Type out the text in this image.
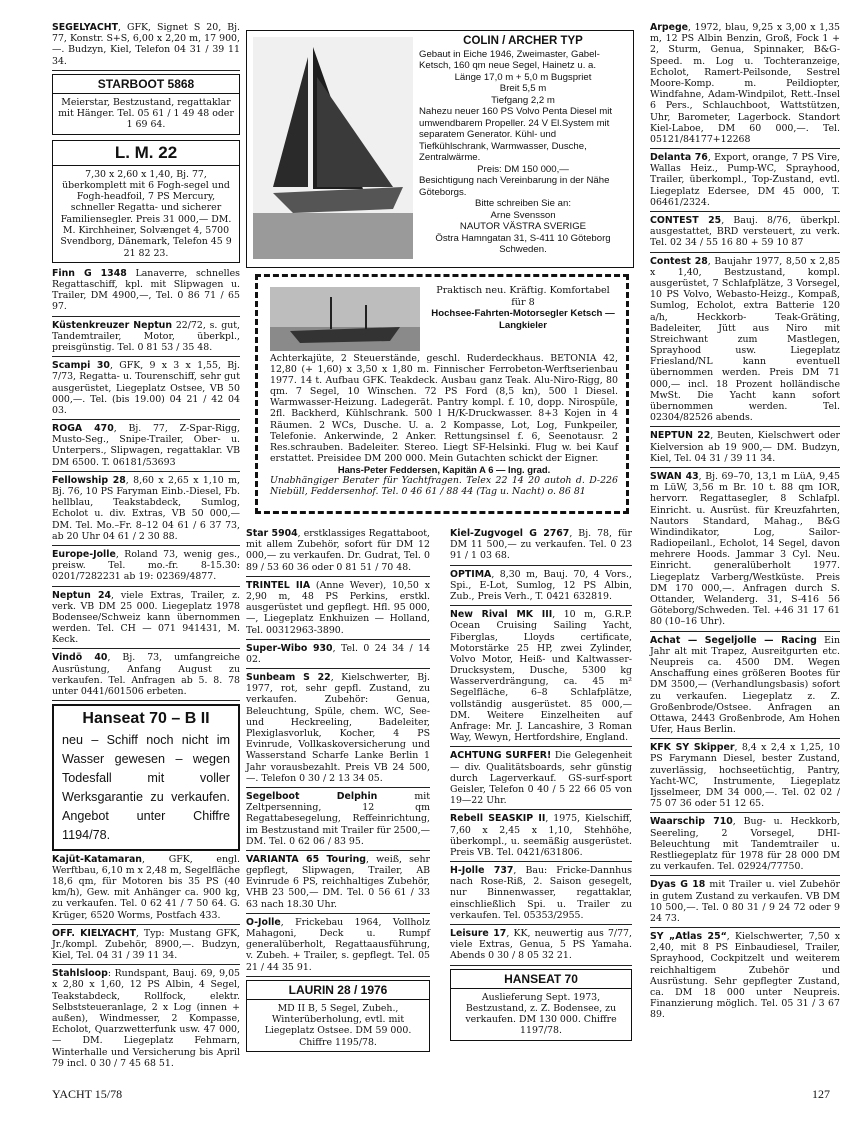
SEGELYACHT, GFK, Signet S 20, Bj. 77, Konstr. S+S, 6,00 x 2,20 m, 17 900,—. Budzyn, Kiel, Telefon 04 31 / 39 11 34.
STARBOOT 5868
Meierstar, Bestzustand, regattaklar mit Hänger. Tel. 05 61 / 1 49 48 oder 1 69 64.
L. M. 22
7,30 x 2,60 x 1,40, Bj. 77, überkomplett mit 6 Fogh-segel und Fogh-headfoil, 7 PS Mercury, schneller Regatta- und sicherer Familiensegler. Preis 31 000,— DM. M. Kirchheiner, Solvænget 4, 5700 Svendborg, Dänemark, Telefon 45 9 21 82 23.
Finn G 1348 Lanaverre, schnelles Regattaschiff, kpl. mit Slipwagen u. Trailer, DM 4900,—, Tel. 0 86 71 / 65 97.
Küstenkreuzer Neptun 22/72, s. gut, Tandemtrailer, Motor, überkpl., preisgünstig. Tel. 0 81 53 / 35 48.
Scampi 30, GFK, 9 x 3 x 1,55, Bj. 7/73, Regatta- u. Tourenschiff, sehr gut ausgerüstet, Liegeplatz Ostsee, VB 50 000,—. Tel. (bis 19.00) 04 21 / 42 04 03.
ROGA 470, Bj. 77, Z-Spar-Rigg, Musto-Seg., Snipe-Trailer, Ober- u. Unterpers., Slipwagen, regattaklar. VB DM 6500. T. 06181/53693
Fellowship 28, 8,60 x 2,65 x 1,10 m, Bj. 76, 10 PS Faryman Einb.-Diesel, Fb. hellblau, Teakstabdeck, Sumlog, Echolot u. div. Extras, VB 50 000,— DM. Tel. Mo.–Fr. 8–12 04 61 / 6 37 73, ab 20 Uhr 04 61 / 2 30 88.
Europe-Jolle, Roland 73, wenig ges., preisw. Tel. mo.-fr. 8-15.30: 0201/7282231 ab 19: 02369/4877.
Neptun 24, viele Extras, Trailer, z. verk. VB DM 25 000. Liegeplatz 1978 Bodensee/Schweiz kann übernommen werden. Tel. CH — 071 941431, M. Keck.
Vindö 40, Bj. 73, umfangreiche Ausrüstung, Anfang August zu verkaufen. Tel. Anfragen ab 5. 8. 78 unter 0441/601506 erbeten.
Hanseat 70 – B II
neu – Schiff noch nicht im Wasser gewesen – wegen Todesfall mit voller Werksgarantie zu verkaufen. Angebot unter Chiffre 1194/78.
Kajüt-Katamaran, GFK, engl. Werftbau, 6,10 m x 2,48 m, Segelfläche 18,6 qm, für Motoren bis 35 PS (40 km/h), Gew. mit Anhänger ca. 900 kg, zu verkaufen. Tel. 0 62 41 / 7 50 64. G. Krüger, 6520 Worms, Postfach 433.
OFF. KIELYACHT, Typ: Mustang GFK, Jr./kompl. Zubehör, 8900,—. Budzyn, Kiel, Tel. 04 31 / 39 11 34.
Stahlsloop: Rundspant, Bauj. 69, 9,05 x 2,80 x 1,60, 12 PS Albin, 4 Segel, Teakstabdeck, Rollfock, elektr. Selbststeueranlage, 2 x Log (innen + außen), Windmesser, 2 Kompasse, Echolot, Quarzwetterfunk usw. 47 000,— DM. Liegeplatz Fehmarn, Winterhalle und Versicherung bis April 79 incl. 0 30 / 7 45 68 51.
COLIN / ARCHER TYP
Gebaut in Eiche 1946, Zweimaster, Gabel-Ketsch, 160 qm neue Segel, Hainetz u. a.
Länge 17,0 m + 5,0 m Bugspriet
Breit 5,5 m
Tiefgang 2,2 m
Nahezu neuer 160 PS Volvo Penta Diesel mit umwendbarem Propeller. 24 V El.System mit separatem Generator. Kühl- und Tiefkühlschrank, Warmwasser, Dusche, Zentralwärme.
Preis: DM 150 000,—
Besichtigung nach Vereinbarung in der Nähe Göteborgs.
Bitte schreiben Sie an:
Arne Svensson
NAUTOR VÄSTRA SVERIGE
Östra Hamngatan 31, S-411 10 Göteborg Schweden.
Praktisch neu. Kräftig. Komfortabel für 8
Hochsee-Fahrten-Motorsegler Ketsch — Langkieler
Achterkajüte, 2 Steuerstände, geschl. Ruderdeckhaus. BETONIA 42, 12,80 (+ 1,60) x 3,50 x 1,80 m. Finnischer Ferrobeton-Werftserienbau 1977. 14 t. Aufbau GFK. Teakdeck. Ausbau ganz Teak. Alu-Niro-Rigg, 80 qm. 7 Segel, 10 Winschen. 72 PS Ford (8,5 kn), 500 l Diesel. Warmwasser-Heizung. Ladegerät. Pantry kompl. f. 10, dopp. Nirospüle, 2fl. Backherd, Kühlschrank. 500 l H/K-Druckwasser. 8+3 Kojen in 4 Räumen. 2 WCs, Dusche. U. a. 2 Kompasse, Lot, Log, Funkpeiler, Telefonie. Ankerwinde, 2 Anker. Rettungsinsel f. 6, Seenotausr. 2 Res.schrauben. Badeleiter. Stereo. Liegt SF-Helsinki. Flug w. bei Kauf erstattet. Preisidee DM 200 000. Mein Gutachten schickt der Eigner.
Hans-Peter Feddersen, Kapitän A 6 — Ing. grad.
Unabhängiger Berater für Yachtfragen. Telex 22 14 20 autoh d. D-226 Niebüll, Feddersenhof. Tel. 0 46 61 / 88 44 (Tag u. Nacht) o. 86 81
Star 5904, erstklassiges Regattaboot, mit allem Zubehör, sofort für DM 12 000,— zu verkaufen. Dr. Gudrat, Tel. 0 89 / 53 60 36 oder 0 81 51 / 70 48.
TRINTEL IIA (Anne Wever), 10,50 x 2,90 m, 48 PS Perkins, erstkl. ausgerüstet und gepflegt. Hfl. 95 000,—, Liegeplatz Enkhuizen — Holland, Tel. 00312963-3890.
Super-Wibo 930, Tel. 0 24 34 / 14 02.
Sunbeam S 22, Kielschwerter, Bj. 1977, rot, sehr gepfl. Zustand, zu verkaufen. Zubehör: Genua, Beleuchtung, Spüle, chem. WC, See- und Heckreeling, Badeleiter, Plexiglasvorluk, Kocher, 4 PS Evinrude, Vollkaskoversicherung und Wasserstand Scharfe Lanke Berlin 1 Jahr vorausbezahlt. Preis VB 24 500,—. Telefon 0 30 / 2 13 34 05.
Segelboot Delphin mit Zeltpersenning, 12 qm Regattabesegelung, Reffeinrichtung, im Bestzustand mit Trailer für 2500,— DM. Tel. 0 62 06 / 83 95.
VARIANTA 65 Touring, weiß, sehr gepflegt, Slipwagen, Trailer, AB Evinrude 6 PS, reichhaltiges Zubehör, VHB 23 500,— DM. Tel. 0 56 61 / 33 63 nach 18.30 Uhr.
O-Jolle, Frickebau 1964, Vollholz Mahagoni, Deck u. Rumpf generalüberholt, Regattaausführung, v. Zubeh. + Trailer, s. gepflegt. Tel. 05 21 / 44 35 91.
LAURIN 28 / 1976
MD II B, 5 Segel, Zubeh., Winterüberholung, evtl. mit Liegeplatz Ostsee. DM 59 000. Chiffre 1195/78.
Kiel-Zugvogel G 2767, Bj. 78, für DM 11 500,— zu verkaufen. Tel. 0 23 91 / 1 03 68.
OPTIMA, 8,30 m, Bauj. 70, 4 Vors., Spi., E-Lot, Sumlog, 12 PS Albin, Zub., Preis Verh., T. 0421 632819.
New Rival MK III, 10 m, G.R.P. Ocean Cruising Sailing Yacht, Fiberglas, Lloyds certificate, Motorstärke 25 HP, zwei Zylinder, Volvo Motor, Heiß- und Kaltwasser-Drucksystem, Dusche, 5300 kg Wasserverdrängung, ca. 45 m² Segelfläche, 6–8 Schlafplätze, vollständig ausgerüstet. 85 000,— DM. Weitere Einzelheiten auf Anfrage: Mr. J. Lancashire, 3 Roman Way, Wewyn, Hertfordshire, England.
ACHTUNG SURFER! Die Gelegenheit — div. Qualitätsboards, sehr günstig durch Lagerverkauf. GS-surf-sport Geisler, Telefon 0 40 / 5 22 66 05 von 19—22 Uhr.
Rebell SEASKIP II, 1975, Kielschiff, 7,60 x 2,45 x 1,10, Stehhöhe, überkompl., u. seemäßig ausgerüstet. Preis VB. Tel. 0421/631806.
H-Jolle 737, Bau: Fricke-Dannhus nach Rose-Riß, 2. Saison gesegelt, nur Binnenwasser, regattaklar, einschließlich Spi. u. Trailer zu verkaufen. Tel. 05353/2955.
Leisure 17, KK, neuwertig aus 7/77, viele Extras, Genua, 5 PS Yamaha. Abends 0 30 / 8 05 32 21.
HANSEAT 70
Auslieferung Sept. 1973, Bestzustand, z. Z. Bodensee, zu verkaufen. DM 130 000. Chiffre 1197/78.
Arpege, 1972, blau, 9,25 x 3,00 x 1,35 m, 12 PS Albin Benzin, Groß, Fock 1 + 2, Sturm, Genua, Spinnaker, B&G-Speed. m. Log u. Tochteranzeige, Echolot, Ramert-Peilsonde, Sestrel Moore-Komp. m. Peildiopter, Windfahne, Adam-Windpilot, Rett.-Insel 6 Pers., Schlauchboot, Wattstützen, Uhr, Barometer, Lagerbock. Standort Kiel-Laboe, DM 60 000,—. Tel. 05121/84177+12268
Delanta 76, Export, orange, 7 PS Vire, Wallas Heiz., Pump-WC, Sprayhood, Trailer, überkompl., Top-Zustand, evtl. Liegeplatz Edersee, DM 45 000, T. 06461/2324.
CONTEST 25, Bauj. 8/76, überkpl. ausgestattet, BRD versteuert, zu verk. Tel. 02 34 / 55 16 80 + 59 10 87
Contest 28, Baujahr 1977, 8,50 x 2,85 x 1,40, Bestzustand, kompl. ausgerüstet, 7 Schlafplätze, 3 Vorsegel, 10 PS Volvo, Webasto-Heizg., Kompaß, Sumlog, Echolot, extra Batterie 120 a/h, Heckkorb- Teak-Gräting, Badeleiter, Jütt aus Niro mit Streichwant zum Mastlegen, Sprayhood usw. Liegeplatz Friesland/NL kann eventuell übernommen werden. Preis DM 71 000,— incl. 18 Prozent holländische MwSt. Die Yacht kann sofort übernommen werden. Tel. 02304/82526 abends.
NEPTUN 22, Beuten, Kielschwert oder Kielversion ab 19 900,— DM. Budzyn, Kiel, Tel. 04 31 / 39 11 34.
SWAN 43, Bj. 69–70, 13,1 m LüA, 9,45 m LüW, 3,56 m Br. 10 t. 88 qm IOR, hervorr. Regattasegler, 8 Schlafpl. Einricht. u. Ausrüst. für Kreuzfahrten, Nautors Standard, Mahag., B&G Windindikator, Log, Sailor-Radiopeilanl., Echolot, 14 Segel, davon mehrere Hoods. Jammar 3 Cyl. Neu. Einricht. generalüberholt 1977. Liegeplatz Varberg/Westküste. Preis DM 170 000,—. Anfragen durch S. Ottander, Welanderg. 31, S-416 56 Göteborg/Schweden. Tel. +46 31 17 61 80 (10–16 Uhr).
Achat — Segeljolle — Racing Ein Jahr alt mit Trapez, Ausreitgurten etc. Neupreis ca. 4500 DM. Wegen Anschaffung eines größeren Bootes für DM 3500,— (Verhandlungsbasis) sofort zu verkaufen. Liegeplatz z. Z. Großenbrode/Ostsee. Anfragen an Ottawa, 2443 Großenbrode, Am Hohen Ufer, Haus Berlin.
KFK SY Skipper, 8,4 x 2,4 x 1,25, 10 PS Farymann Diesel, bester Zustand, zuverlässig, hochseetüchtig, Pantry, Yacht-WC, Instrumente, Liegeplatz Ijsselmeer, DM 34 000,—. Tel. 02 02 / 75 07 36 oder 51 12 65.
Waarschip 710, Bug- u. Heckkorb, Seereling, 2 Vorsegel, DHI-Beleuchtung mit Tandemtrailer u. Restliegeplatz für 1978 für 28 000 DM zu verkaufen. Tel. 02924/77750.
Dyas G 18 mit Trailer u. viel Zubehör in gutem Zustand zu verkaufen. VB DM 10 500,—. Tel. 0 80 31 / 9 24 72 oder 9 24 73.
SY „Atlas 25“, Kielschwerter, 7,50 x 2,40, mit 8 PS Einbaudiesel, Trailer, Sprayhood, Cockpitzelt und weiterem reichhaltigem Zubehör und Ausrüstung. Sehr gepflegter Zustand, ca. DM 18 000 unter Neupreis. Finanzierung möglich. Tel. 05 31 / 3 67 89.
YACHT 15/78	127
